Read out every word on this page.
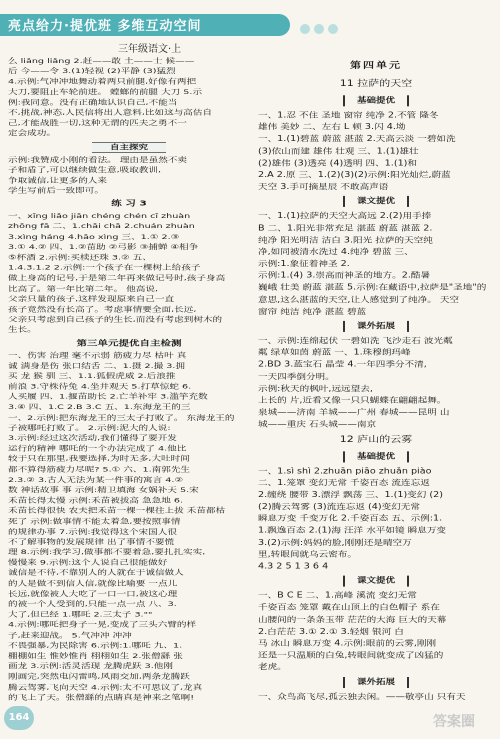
亮点给力·提优班 多维互动空间
三年级语文·上
么 liǎng liǎng 2.赶——敢 土——士 候——
后 今——令 3.(1)轻视 (2)平静 (3)猛烈
4.示例:气冲冲地舞动着两只前腿,好像有两把
大刀,要阻止车轮前进。 螳螂的前腿 大刀 5.示
例:我同意。没有正确地认识自己,不能当
不,挑战,神态,人民信将出人意料,比如这与高估自
己,才能战胜一切,这种无谓的匹夫之勇不一
定会成功。
自主探究
示例:我赞成小刚的看法。 理由是虽然不卖
子和盾了,可以继续做生意,吸取教训,
争取诚信,让更多的人来
学生写前后一致即可。
练 习 3
一、xīng liǎo jiān chéng chén cī zhuàn
zhōng fā 二、1.chāi chā 2.chuán zhuàn
3.xìng háng 4.hāo xìng 三、1.① 2.③
3.① 4.② 四、1.②苗助 ②弓影 ③捕蝉 ④相争
⑤杯酒 2.示例:买椟还珠 3.② 五、
1.4.3.1.2 2.示例:一个孩子在一棵树上给孩子
做上身高的记号,于是第二年再来做记号时,孩子身高
比高了。第一年比第二年。 他高说,
父亲只量的孩子,这样发现原来自己一直
孩子竟然没有长高了。考虑事情要全面,长远,
父亲只考虑到自己孩子的生长,而没有考虑到树木的
生长。
第三单元提优自主检测
一、伤害 治理 毫不示弱 筋疲力尽 枯叶 真
诚 满身是伤 张口结舌 二、1.摄 2.撮 3.拥
买 龙 猴 驯 三、1.1.狐假虎威 2.后浪推
前浪 3.守株待兔 4.坐井观天 5.打草惊蛇 6.
人买履 四、1.揠苗助长 2.亡羊补牢 3.滥竽充数
3.④ 四、1.C 2.B 3.C 五、1.东海龙王的三
一、2.示例:把东海龙王的三太子打败了。 东海龙王的
子被哪吒打败了。 2.示例:泥大的人说:
3.示例:经过这次活动,我们懂得了要开发
运行的精神 哪吒的一个办法完成了 4.他比
较于只在那里,我要选择,为时无多,大吐时间
都不算得筋疲力尽呢? 5.① 六、1.南郭先生
2.3.② 3.古人无法为某一件事的寓言 4.②
数 神话故事 事 示例:精卫填海 女娲补天 5.宋
禾苗长得太慢 示例:禾苗被拔高 急急地 6.
禾苗长得很快 农夫把禾苗一棵一棵往上拔 禾苗都枯
死了 示例:做事情不能太着急,要按照事情
的规律办事 7.示例:我觉得这个宋国人很
不了解事物的发展规律 出了事情不要慌
理 8.示例:我学习,做事都不要着急,要扎扎实实,
慢慢来 9.示例:这个人说自己很能做好
诚信是不待,不靠别人的人就在于诚信做人
的人是做不到信人信,就像比喻要 一点儿
长远,就像被人大吃了一口一口,被这心理
的被一个人受到的,只能一点一点 八、3.
大了,但已经 1.哪吒 2.三太子 3.""
4.示例:哪吒把身子一晃,变成了三头六臂的样
子,赶来迎战。 5.气冲冲 冲冲
不畏强暴,为民除害 6.示例:1.哪吒 九、1.
棚棚如生 惟妙惟肖 栩栩如生 2.张僧繇 张
画龙 3.示例:活灵活现 龙腾虎跃 3.他刚
刚画完,突然电闪雷鸣,风雨交加,两条龙腾跃
腾云驾雾,飞向天空 4.示例:太不可思议了,龙真
的飞上了天。张僧繇的点睛真是神来之笔啊!
第四单元
11 拉萨的天空
基础提优
一、1.忍 不住 圣地 窗帘 纯净 2.不管 隆冬
雄伟 美妙 二、左右 L 顿 3.闪 4.坳
一、1.(1)碧蓝 蔚蓝 湛蓝 2.天高云淡 一碧如洗
(3)依山而建 雄伟 壮观 三、1.(1)雄壮
(2)雄伟 (3)透亮 (4)透明 四、1.(1)和
2.A 2.原 三、1.(2)(3)(2)示例:阳光灿烂,蔚蓝
天空 3.手可摘星辰 不敢高声语
课文提优
一、1.(1)拉萨的天空大高远 2.(2)用手捧
B 二、1.阳光非常充足 湛蓝 蔚蓝 湛蓝 2.
纯净 阳光明洁 洁白 3.阳光 拉萨的天空纯
净,如同被清水洗过 4.纯净 碧蓝 三、
示例:1.象征着神圣 2.
示例:1.(4) 3.崇高而神圣的地方。2.酷暑
巍峨 壮美 蔚蓝 湛蓝 5.示例:在藏语中,拉萨是"圣地"的
意思,这么湛蓝的天空,让人感觉到了纯净。 天空
窗帘 纯洁 纯净 湛蓝 碧蓝
课外拓展
一、示例:连绵起伏 一碧如洗 飞沙走石 波光粼
粼 绿草如茵 蔚蓝 一、1.珠穆朗玛峰
2.BD 3.蓝宝石 晶莹 4.一年四季分不清,
一天四季倒分明。
示例:秋天的枫叶,远远望去,
上长的 片,近看又像一只只蝴蝶在翩翩起舞。
泉城——济南 羊城——广州 春城——昆明 山
城——重庆 石头城——南京
12 庐山的云雾
基础提优
一、1.sì shì 2.zhuān piāo zhuǎn piào
二、1.笼罩 变幻无常 千姿百态 流连忘返
2.缠绕 腰带 3.漂浮 飘荡 三、1.(1)变幻 (2)
(2)腾云驾雾 (3)流连忘返 (4)变幻无常
瞬息万变 千变万化 2.千姿百态 五、示例:1.
1.飘逸百态 2.(1)海 汪洋 水平如镜 瞬息万变
3.(2)示例:妈妈的脸,刚刚还是晴空万
里,转眼间就乌云密布。
4.3 2 5 1 3 6 4
课文提优
一、B C E 二、1.高峰 溪流 变幻无常
千姿百态 笼罩 戴在山顶上的白色帽子 系在
山腰间的一条条玉带 茫茫的大海 巨大的天幕
2.白茫茫 3.① 2.① 3.轻烟 银河 白
马 冰山 瞬息万变 4.示例:眼前的云雾,刚刚
还是一只温顺的白兔,转眼间就变成了凶猛的
老虎。
课外拓展
一、众鸟高飞尽,孤云独去闲。——敬亭山 只有天
164	答案圈
